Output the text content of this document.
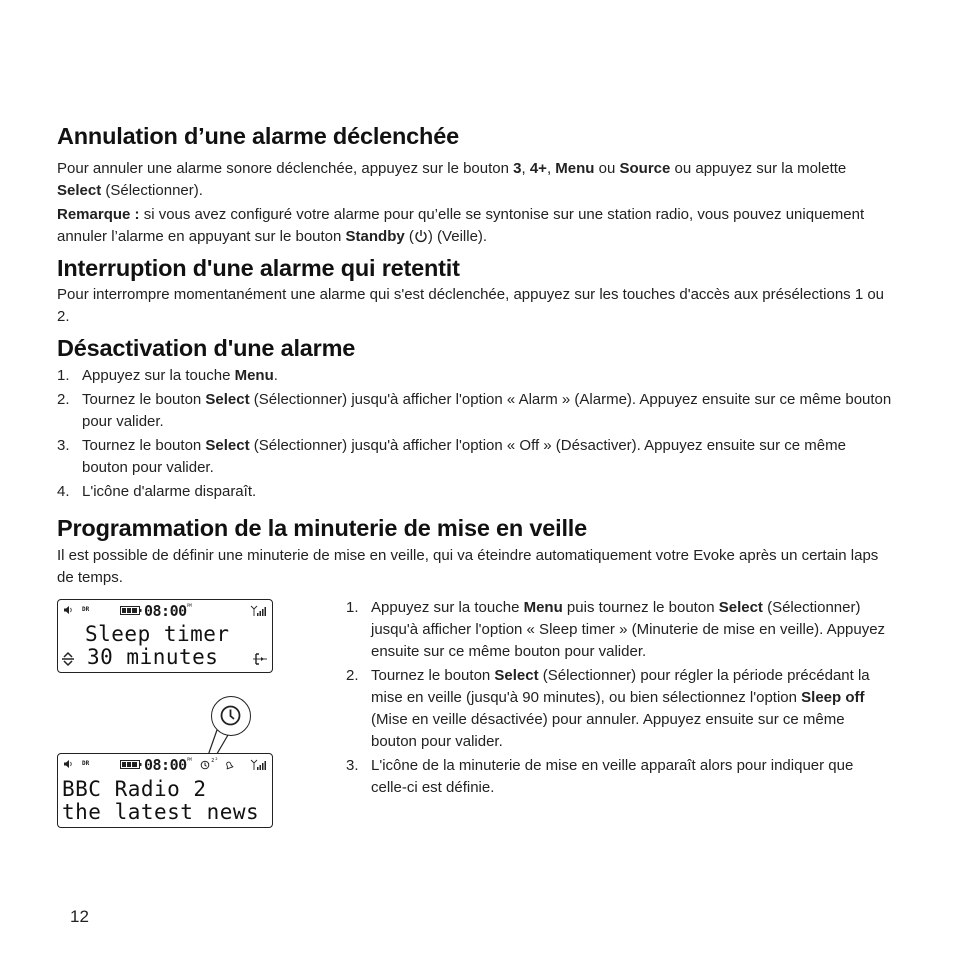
Annulation d’une alarme déclenchée

Pour annuler une alarme sonore déclenchée, appuyez sur le bouton 3, 4+, Menu ou Source ou appuyez sur la molette Select (Sélectionner).

Remarque : si vous avez configuré votre alarme pour qu’elle se syntonise sur une station radio, vous pouvez uniquement annuler l’alarme en appuyant sur le bouton Standby ( ) (Veille).

Interruption d'une alarme qui retentit

Pour interrompre momentanément une alarme qui s'est déclenchée, appuyez sur les touches d'accès aux présélections 1 ou 2.

Désactivation d'une alarme
1. Appuyez sur la touche Menu.
2. Tournez le bouton Select (Sélectionner) jusqu'à afficher l'option « Alarm » (Alarme). Appuyez ensuite sur ce même bouton pour valider.
3. Tournez le bouton Select (Sélectionner) jusqu'à afficher l'option « Off » (Désactiver). Appuyez ensuite sur ce même bouton pour valider.
4. L'icône d'alarme disparaît.
Programmation de la minuterie de mise en veille

Il est possible de définir une minuterie de mise en veille, qui va éteindre automatiquement votre Evoke après un certain laps de temps.

1. Appuyez sur la touche Menu puis tournez le bouton Select (Sélectionner) jusqu'à afficher l'option « Sleep timer » (Minuterie de mise en veille). Appuyez ensuite sur ce même bouton pour valider.
2. Tournez le bouton Select (Sélectionner) pour régler la période précédant la mise en veille (jusqu'à 90 minutes), ou bien sélectionnez l'option Sleep off (Mise en veille désactivée) pour annuler. Appuyez ensuite sur ce même bouton pour valider.
3. L'icône de la minuterie de mise en veille apparaît alors pour indiquer que celle-ci est définie.
DR	08:00 PM
Sleep timer
30 minutes
DR	08:00 PM	z²
BBC Radio 2
the latest news
12
